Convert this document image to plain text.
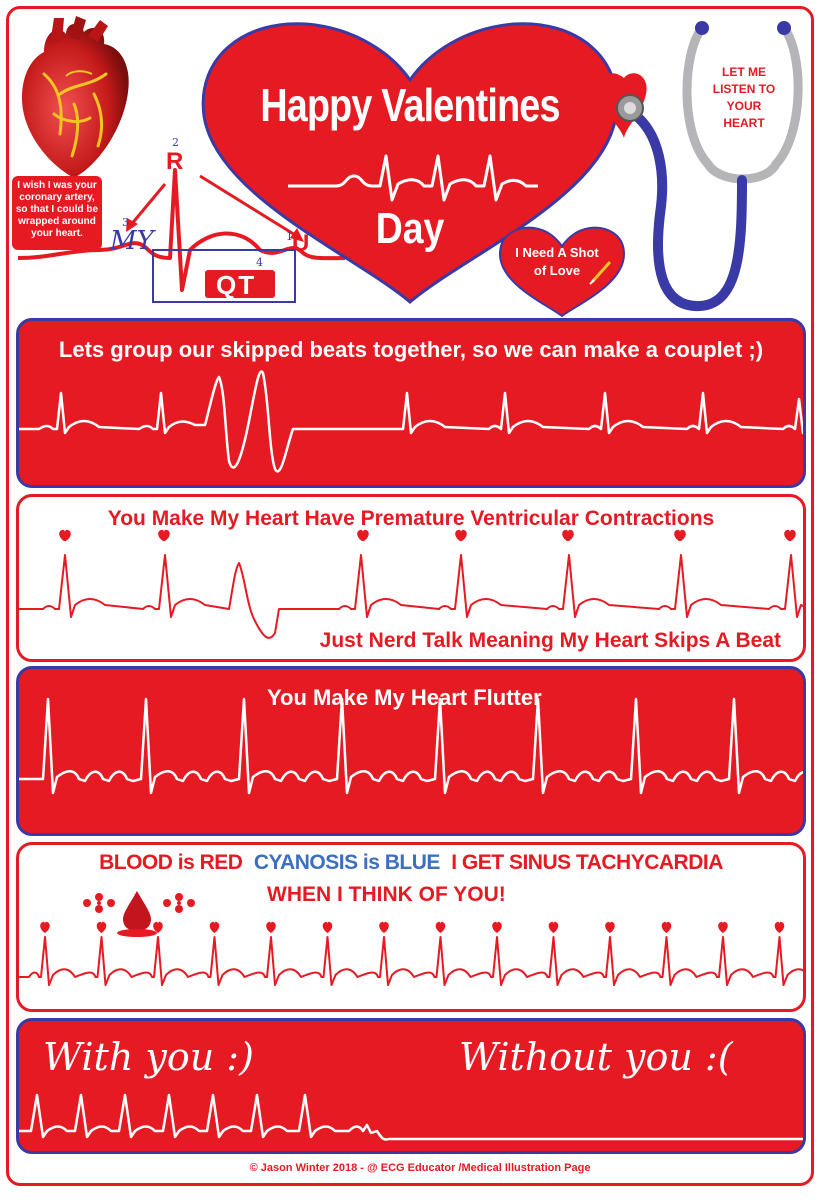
I wish I was your coronary artery, so that I could be wrapped around your heart.
2
R
3
MY
4
QT
1 U
Happy Valentines
Day	I Need A Shot of Love
LET ME LISTEN TO YOUR HEART
Lets group our skipped beats together, so we can make a couplet ;)
You Make My Heart Have Premature Ventricular Contractions
Just Nerd Talk Meaning My Heart Skips A Beat
You Make My Heart Flutter
BLOOD is RED CYANOSIS is BLUE I GET SINUS TACHYCARDIA
WHEN I THINK OF YOU!
With you :)	Without you :(
© Jason Winter 2018 - @ ECG Educator /Medical Illustration Page
